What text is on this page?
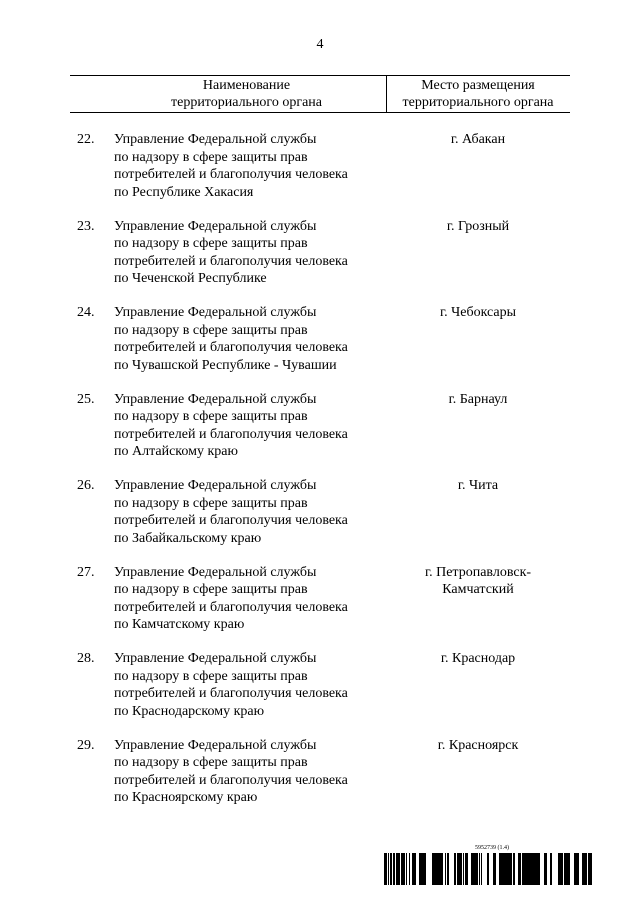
4
Наименование
территориального органа
Место размещения
территориального органа
22. Управление Федеральной службы
по надзору в сфере защиты прав
потребителей и благополучия человека
по Республике Хакасия
г. Абакан
23. Управление Федеральной службы
по надзору в сфере защиты прав
потребителей и благополучия человека
по Чеченской Республике
г. Грозный
24. Управление Федеральной службы
по надзору в сфере защиты прав
потребителей и благополучия человека
по Чувашской Республике - Чувашии
г. Чебоксары
25. Управление Федеральной службы
по надзору в сфере защиты прав
потребителей и благополучия человека
по Алтайскому краю
г. Барнаул
26. Управление Федеральной службы
по надзору в сфере защиты прав
потребителей и благополучия человека
по Забайкальскому краю
г. Чита
27. Управление Федеральной службы
по надзору в сфере защиты прав
потребителей и благополучия человека
по Камчатскому краю
г. Петропавловск-
Камчатский
28. Управление Федеральной службы
по надзору в сфере защиты прав
потребителей и благополучия человека
по Краснодарскому краю
г. Краснодар
29. Управление Федеральной службы
по надзору в сфере защиты прав
потребителей и благополучия человека
по Красноярскому краю
г. Красноярск
5952739 (1.4)
